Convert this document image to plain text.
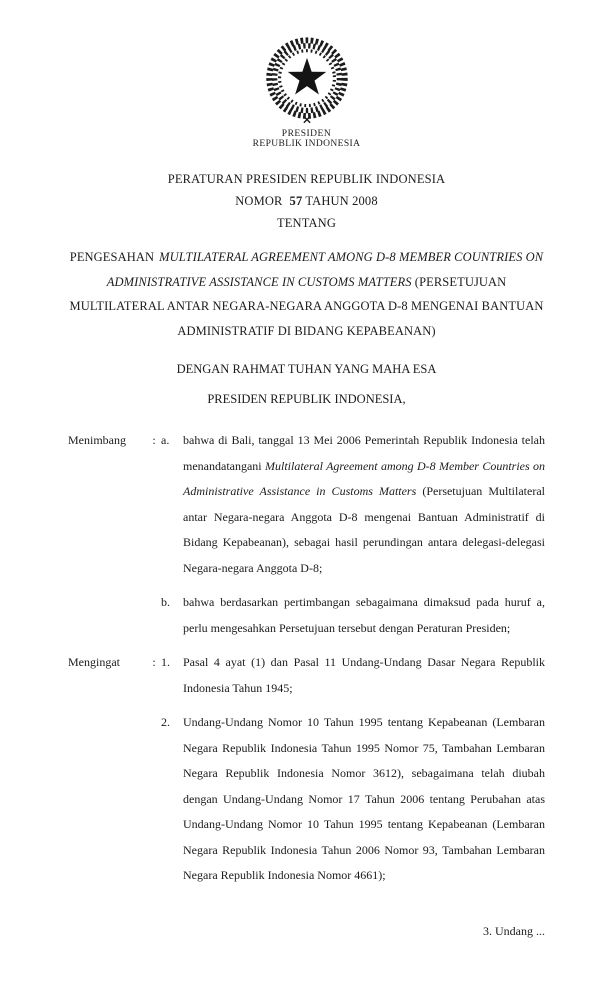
PRESIDEN
REPUBLIK INDONESIA
PERATURAN PRESIDEN REPUBLIK INDONESIA
NOMOR 57 TAHUN 2008
TENTANG
PENGESAHAN MULTILATERAL AGREEMENT AMONG D-8 MEMBER COUNTRIES ON ADMINISTRATIVE ASSISTANCE IN CUSTOMS MATTERS (PERSETUJUAN MULTILATERAL ANTAR NEGARA-NEGARA ANGGOTA D-8 MENGENAI BANTUAN ADMINISTRATIF DI BIDANG KEPABEANAN)
DENGAN RAHMAT TUHAN YANG MAHA ESA
PRESIDEN REPUBLIK INDONESIA,
Menimbang	: a.	bahwa di Bali, tanggal 13 Mei 2006 Pemerintah Republik Indonesia telah menandatangani Multilateral Agreement among D-8 Member Countries on Administrative Assistance in Customs Matters (Persetujuan Multilateral antar Negara-negara Anggota D-8 mengenai Bantuan Administratif di Bidang Kepabeanan), sebagai hasil perundingan antara delegasi-delegasi Negara-negara Anggota D-8;
b.	bahwa berdasarkan pertimbangan sebagaimana dimaksud pada huruf a, perlu mengesahkan Persetujuan tersebut dengan Peraturan Presiden;
Mengingat	: 1.	Pasal 4 ayat (1) dan Pasal 11 Undang-Undang Dasar Negara Republik Indonesia Tahun 1945;
2.	Undang-Undang Nomor 10 Tahun 1995 tentang Kepabeanan (Lembaran Negara Republik Indonesia Tahun 1995 Nomor 75, Tambahan Lembaran Negara Republik Indonesia Nomor 3612), sebagaimana telah diubah dengan Undang-Undang Nomor 17 Tahun 2006 tentang Perubahan atas Undang-Undang Nomor 10 Tahun 1995 tentang Kepabeanan (Lembaran Negara Republik Indonesia Tahun 2006 Nomor 93, Tambahan Lembaran Negara Republik Indonesia Nomor 4661);
3. Undang ...
